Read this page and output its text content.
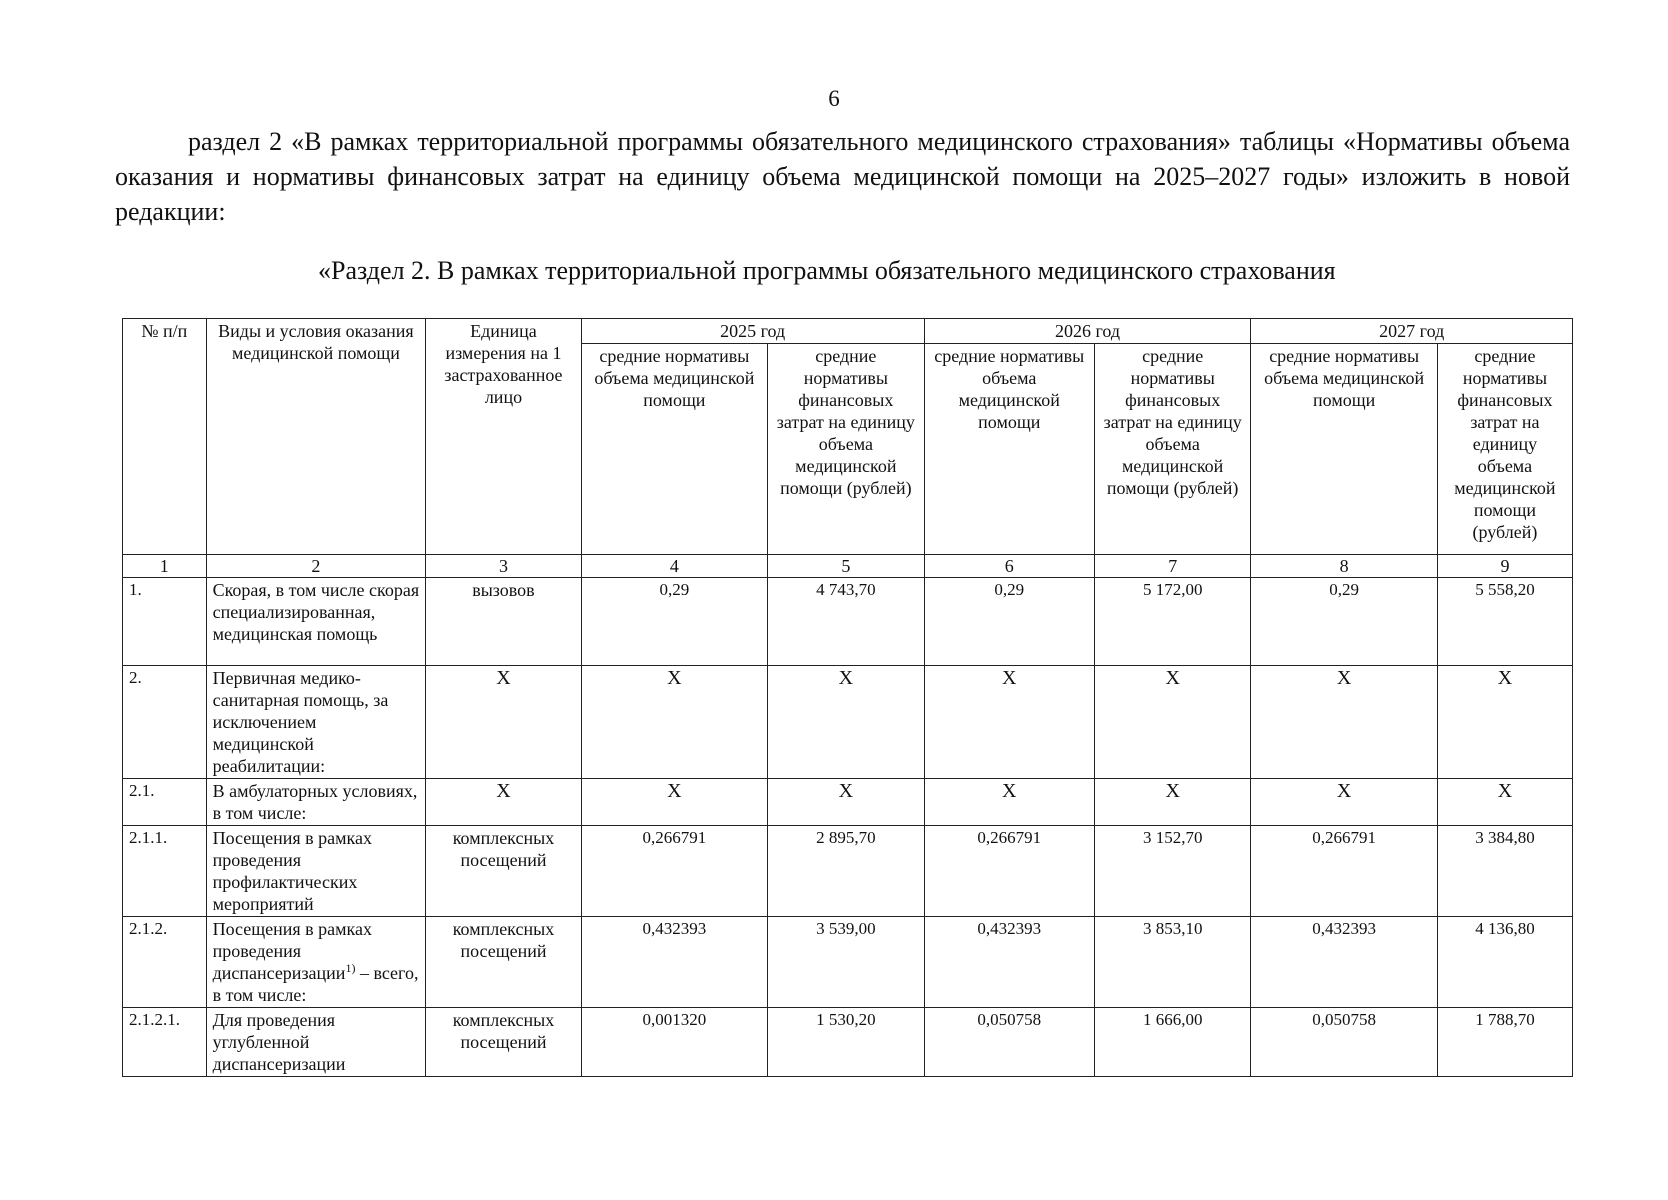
6

раздел 2 «В рамках территориальной программы обязательного медицинского страхования» таблицы «Нормативы объема оказания и нормативы финансовых затрат на единицу объема медицинской помощи на 2025–2027 годы» изложить в новой редакции:

«Раздел 2. В рамках территориальной программы обязательного медицинского страхования
№ п/п	Виды и условия оказания медицинской помощи	Единица измерения на 1 застрахованное лицо	2025 год		2026 год		2027 год	
			средние нормативы объема медицинской помощи	средние нормативы финансовых затрат на единицу объема медицинской помощи (рублей)	средние нормативы объема медицинской помощи	средние нормативы финансовых затрат на единицу объема медицинской помощи (рублей)	средние нормативы объема медицинской помощи	средние нормативы финансовых затрат на единицу объема медицинской помощи (рублей)
1	2	3	4	5	6	7	8	9
1.	Скорая, в том числе скорая специализированная, медицинская помощь	вызовов	0,29	4 743,70	0,29	5 172,00	0,29	5 558,20
2.	Первичная медико-санитарная помощь, за исключением медицинской реабилитации:	Х	Х	Х	Х	Х	Х	Х
2.1.	В амбулаторных условиях, в том числе:	Х	Х	Х	Х	Х	Х	Х
2.1.1.	Посещения в рамках проведения профилактических мероприятий	комплексных посещений	0,266791	2 895,70	0,266791	3 152,70	0,266791	3 384,80
2.1.2.	Посещения в рамках проведения диспансеризации$^{1)}$ – всего, в том числе:	комплексных посещений	0,432393	3 539,00	0,432393	3 853,10	0,432393	4 136,80
2.1.2.1.	Для проведения углубленной диспансеризации	комплексных посещений	0,001320	1 530,20	0,050758	1 666,00	0,050758	1 788,70
